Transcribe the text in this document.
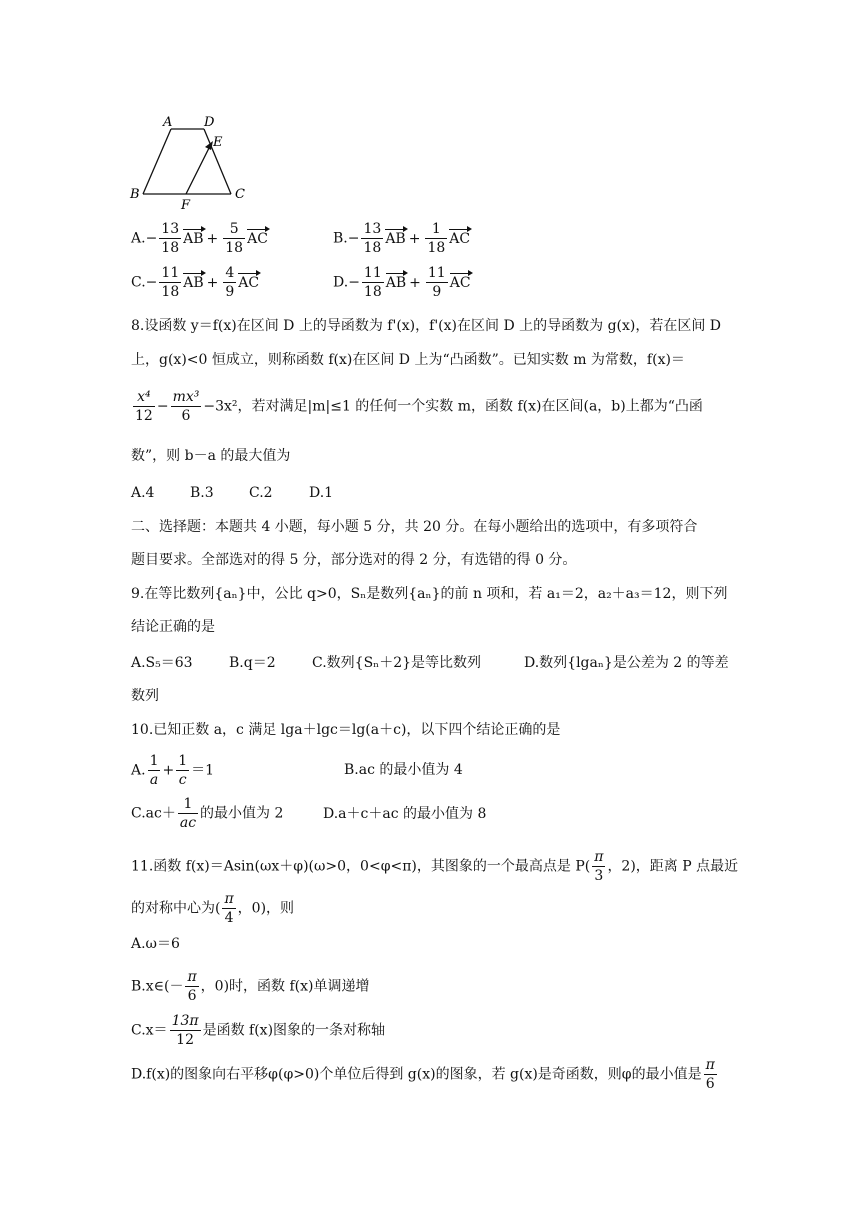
A D
E
B
F
C
$A.- \frac{13}{18}$ AB + $\frac{5}{18}$ AC	$B.- \frac{13}{18}$ AB + $\frac{1}{18}$ AC
$C.- \frac{11}{18}$ AB + $\frac{4}{9}$ AC	$D.- \frac{11}{18}$ AB + $\frac{11}{9}$ AC
8.设函数 y＝f(x)在区间 D 上的导函数为 f'(x)，f'(x)在区间 D 上的导函数为 g(x)，若在区间 D
上，g(x)<0 恒成立，则称函数 f(x)在区间 D 上为“凸函数”。已知实数 m 为常数，f(x)＝
$\frac{\text{x⁴}}{12} - \frac{\text{mx³}}{6} -3x^2$，若对满足|m|≤1 的任何一个实数 m，函数 f(x)在区间(a，b)上都为“凸函
数”，则 b－a 的最大值为
A.4	B.3	C.2	D.1
二、选择题：本题共 4 小题，每小题 5 分，共 20 分。在每小题给出的选项中，有多项符合
题目要求。全部选对的得 5 分，部分选对的得 2 分，有选错的得 0 分。
9.在等比数列{aₙ}中，公比 q>0，Sₙ是数列{aₙ}的前 n 项和，若 a₁＝2，a₂＋a₃＝12，则下列
结论正确的是
A.S₅＝63	B.q＝2	C.数列{Sₙ＋2}是等比数列	D.数列{lgaₙ}是公差为 2 的等差
数列
10.已知正数 a，c 满足 lga＋lgc＝lg(a＋c)，以下四个结论正确的是
A. $\frac{1}{a} + \frac{1}{c} =1$	B.ac 的最小值为 4
$C.ac+ \frac{1}{ac}$ 的最小值为 2	D.a＋c＋ac 的最小值为 8
11.函数 f(x)＝Asin(ωx＋φ)(ω>0，0<φ<π)，其图象的一个最高点是 $P( \frac{\pi}{3}$ ，2)，距离 P 点最近
的对称中心为( $\frac{\pi}{4}$ ，0)，则
A.ω＝6
B.x∈(－ $\frac{\pi}{6}$ ，0)时，函数 f(x)单调递增
$C.x= \frac{13\pi}{12}$ 是函数 f(x)图象的一条对称轴
D.f(x)的图象向右平移φ(φ>0)个单位后得到 g(x)的图象，若 g(x)是奇函数，则φ的最小值是 $\frac{\pi}{6}$
